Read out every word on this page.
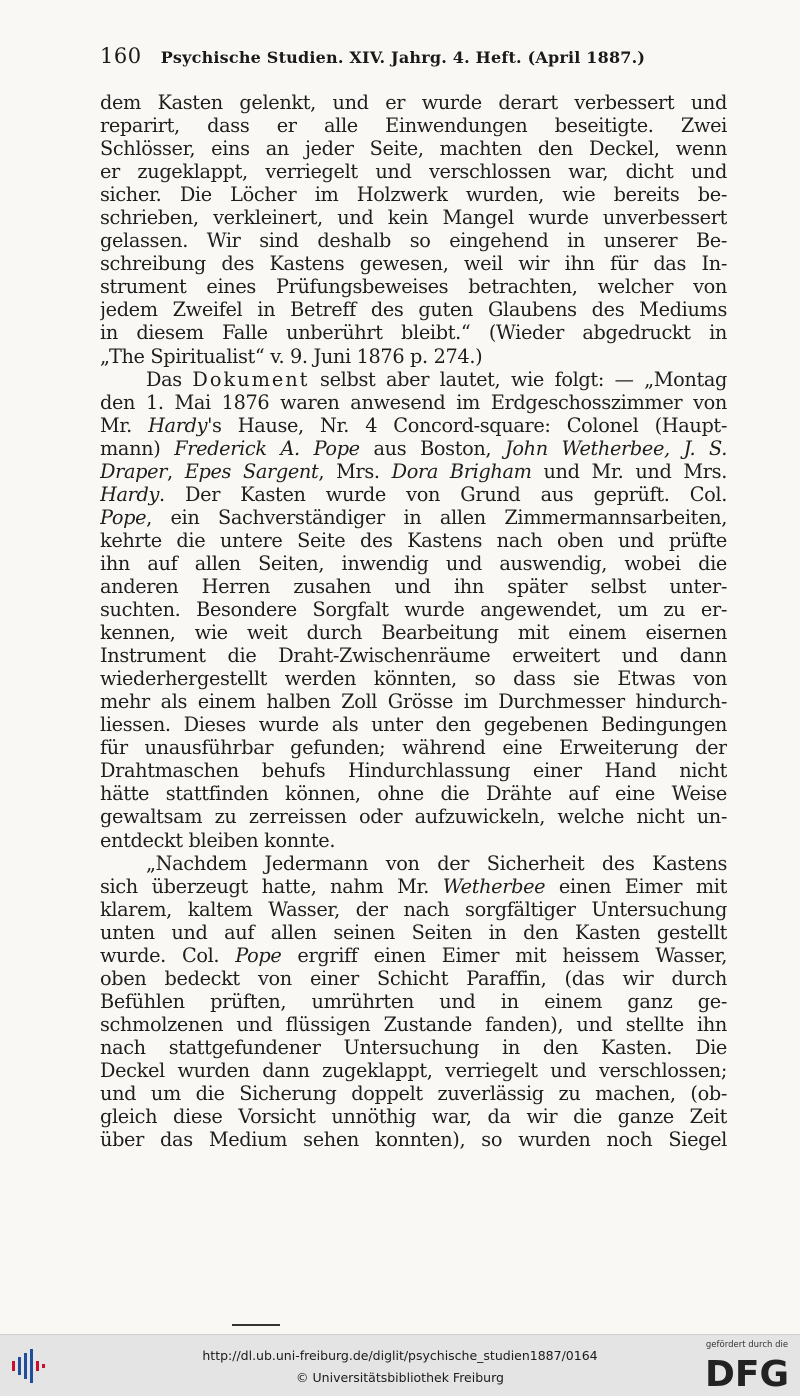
160 Psychische Studien. XIV. Jahrg. 4. Heft. (April 1887.)
dem Kasten gelenkt, und er wurde derart verbessert und
reparirt, dass er alle Einwendungen beseitigte. Zwei
Schlösser, eins an jeder Seite, machten den Deckel, wenn
er zugeklappt, verriegelt und verschlossen war, dicht und
sicher. Die Löcher im Holzwerk wurden, wie bereits be-
schrieben, verkleinert, und kein Mangel wurde unverbessert
gelassen. Wir sind deshalb so eingehend in unserer Be-
schreibung des Kastens gewesen, weil wir ihn für das In-
strument eines Prüfungsbeweises betrachten, welcher von
jedem Zweifel in Betreff des guten Glaubens des Mediums
in diesem Falle unberührt bleibt.“ (Wieder abgedruckt in
„The Spiritualist“ v. 9. Juni 1876 p. 274.)
Das Dokument selbst aber lautet, wie folgt: — „Montag
den 1. Mai 1876 waren anwesend im Erdgeschosszimmer von
Mr. Hardy's Hause, Nr. 4 Concord-square: Colonel (Haupt-
mann) Frederick A. Pope aus Boston, John Wetherbee, J. S.
Draper, Epes Sargent, Mrs. Dora Brigham und Mr. und Mrs.
Hardy. Der Kasten wurde von Grund aus geprüft. Col.
Pope, ein Sachverständiger in allen Zimmermannsarbeiten,
kehrte die untere Seite des Kastens nach oben und prüfte
ihn auf allen Seiten, inwendig und auswendig, wobei die
anderen Herren zusahen und ihn später selbst unter-
suchten. Besondere Sorgfalt wurde angewendet, um zu er-
kennen, wie weit durch Bearbeitung mit einem eisernen
Instrument die Draht-Zwischenräume erweitert und dann
wiederhergestellt werden könnten, so dass sie Etwas von
mehr als einem halben Zoll Grösse im Durchmesser hindurch-
liessen. Dieses wurde als unter den gegebenen Bedingungen
für unausführbar gefunden; während eine Erweiterung der
Drahtmaschen behufs Hindurchlassung einer Hand nicht
hätte stattfinden können, ohne die Drähte auf eine Weise
gewaltsam zu zerreissen oder aufzuwickeln, welche nicht un-
entdeckt bleiben konnte.
„Nachdem Jedermann von der Sicherheit des Kastens
sich überzeugt hatte, nahm Mr. Wetherbee einen Eimer mit
klarem, kaltem Wasser, der nach sorgfältiger Untersuchung
unten und auf allen seinen Seiten in den Kasten gestellt
wurde. Col. Pope ergriff einen Eimer mit heissem Wasser,
oben bedeckt von einer Schicht Paraffin, (das wir durch
Befühlen prüften, umrührten und in einem ganz ge-
schmolzenen und flüssigen Zustande fanden), und stellte ihn
nach stattgefundener Untersuchung in den Kasten. Die
Deckel wurden dann zugeklappt, verriegelt und verschlossen;
und um die Sicherung doppelt zuverlässig zu machen, (ob-
gleich diese Vorsicht unnöthig war, da wir die ganze Zeit
über das Medium sehen konnten), so wurden noch Siegel
http://dl.ub.uni-freiburg.de/diglit/psychische_studien1887/0164
© Universitätsbibliothek Freiburg
gefördert durch die
DFG
